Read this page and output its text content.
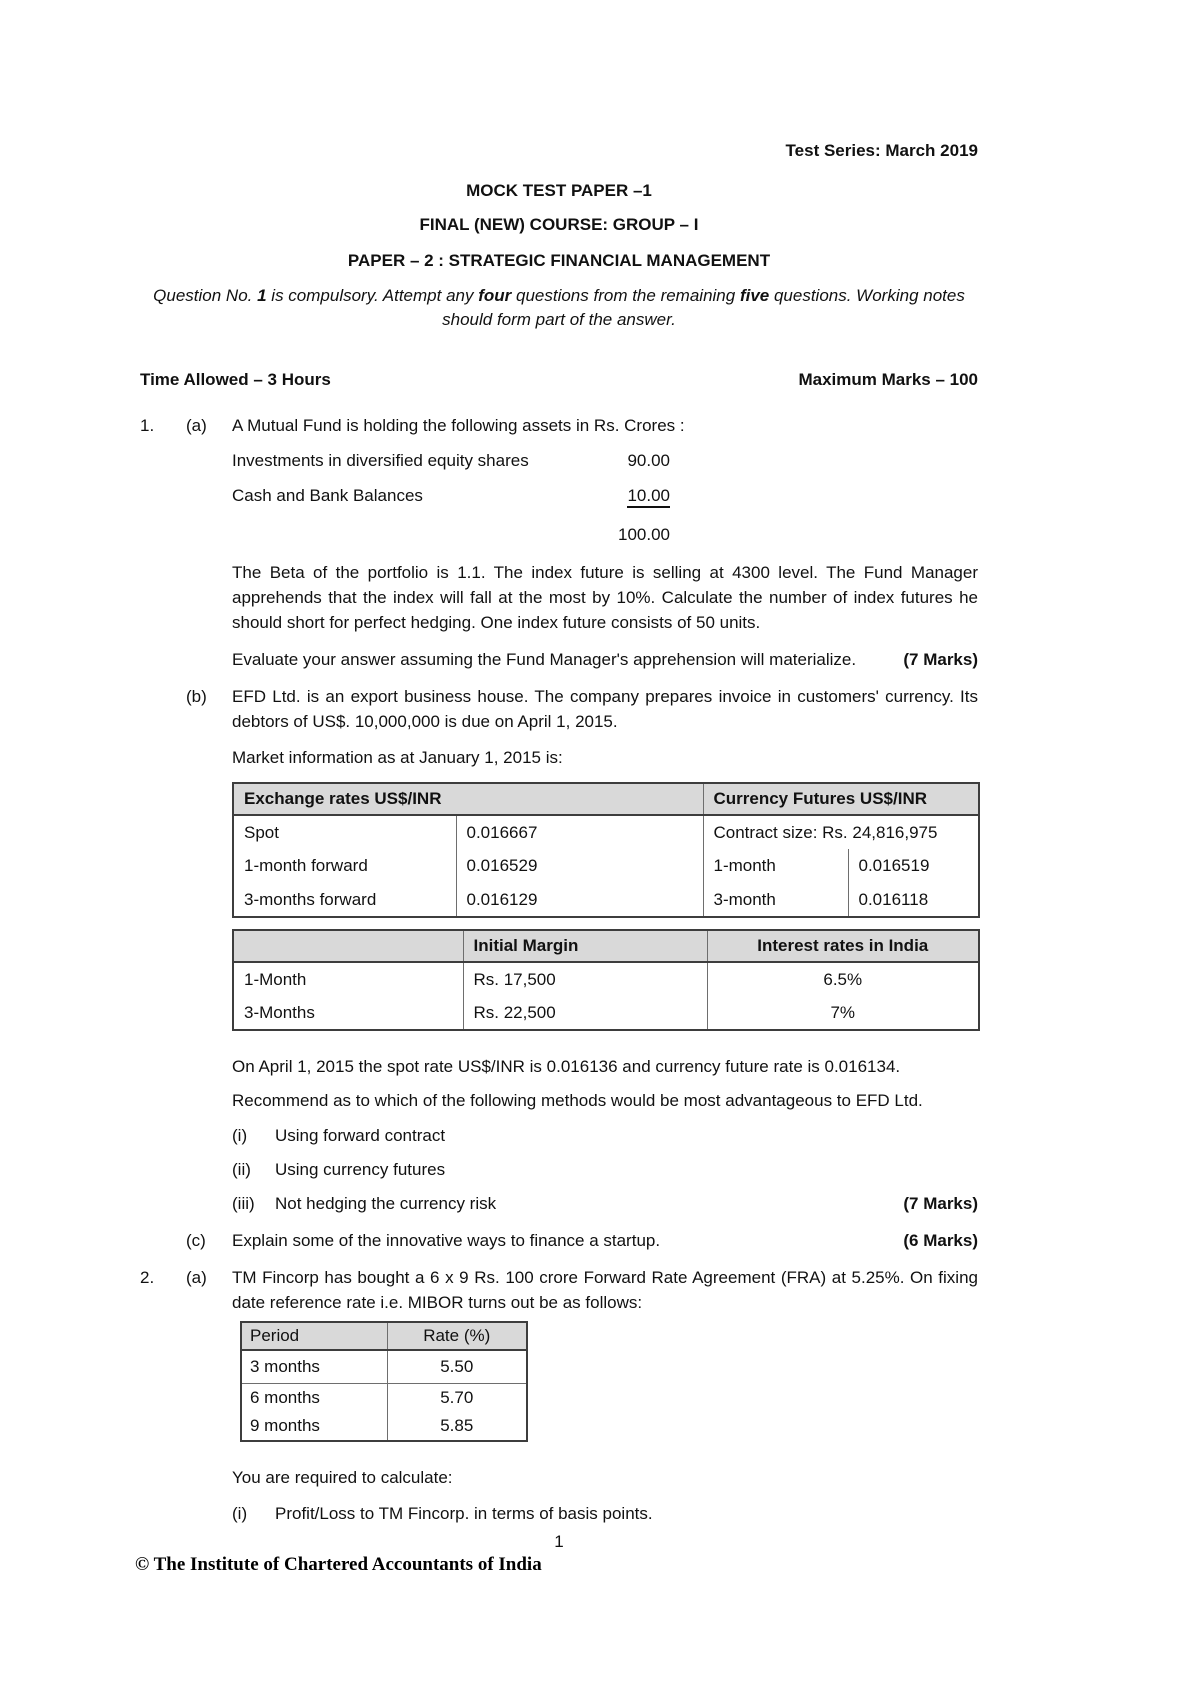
Test Series: March 2019
MOCK TEST PAPER –1
FINAL (NEW) COURSE: GROUP – I
PAPER – 2 : STRATEGIC FINANCIAL MANAGEMENT
Question No. 1 is compulsory. Attempt any four questions from the remaining five questions. Working notes
should form part of the answer.
Time Allowed – 3 Hours	Maximum Marks – 100
1.	(a)	A Mutual Fund is holding the following assets in Rs. Crores :
Investments in diversified equity shares	90.00
Cash and Bank Balances	10.00
100.00
The Beta of the portfolio is 1.1. The index future is selling at 4300 level. The Fund Manager apprehends that the index will fall at the most by 10%. Calculate the number of index futures he should short for perfect hedging. One index future consists of 50 units.
Evaluate your answer assuming the Fund Manager's apprehension will materialize.	(7 Marks)
(b)	EFD Ltd. is an export business house. The company prepares invoice in customers' currency. Its debtors of US$. 10,000,000 is due on April 1, 2015.
Market information as at January 1, 2015 is:
Exchange rates US$/INR		Currency Futures US$/INR	
Spot	0.016667	Contract size: Rs. 24,816,975	
1-month forward	0.016529	1-month	0.016519
3-months forward	0.016129	3-month	0.016118
	Initial Margin	Interest rates in India
1-Month	Rs. 17,500	6.5%
3-Months	Rs. 22,500	7%
On April 1, 2015 the spot rate US$/INR is 0.016136 and currency future rate is 0.016134.
Recommend as to which of the following methods would be most advantageous to EFD Ltd.
(i)	Using forward contract
(ii)	Using currency futures
(iii)	Not hedging the currency risk	(7 Marks)
(c)	Explain some of the innovative ways to finance a startup.	(6 Marks)
2.	(a)	TM Fincorp has bought a 6 x 9 Rs. 100 crore Forward Rate Agreement (FRA) at 5.25%. On fixing date reference rate i.e. MIBOR turns out be as follows:
Period	Rate (%)
3 months	5.50
6 months	5.70
9 months	5.85
You are required to calculate:
(i)	Profit/Loss to TM Fincorp. in terms of basis points.
1
© The Institute of Chartered Accountants of India
